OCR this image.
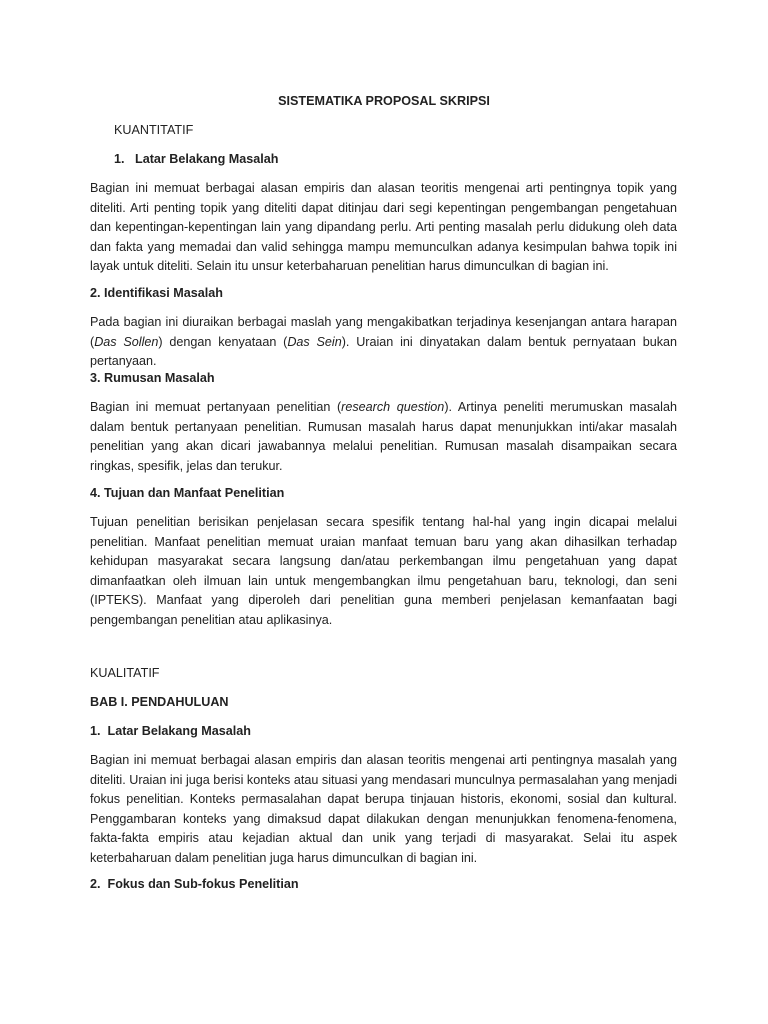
SISTEMATIKA PROPOSAL SKRIPSI

KUANTITATIF

1.   Latar Belakang Masalah

Bagian ini memuat berbagai alasan empiris dan alasan teoritis mengenai arti pentingnya topik yang diteliti. Arti penting topik yang diteliti dapat ditinjau dari segi kepentingan pengembangan pengetahuan dan kepentingan-kepentingan lain yang dipandang perlu. Arti penting masalah perlu didukung oleh data dan fakta yang memadai dan valid sehingga mampu memunculkan adanya kesimpulan bahwa topik ini layak untuk diteliti. Selain itu unsur keterbaharuan penelitian harus dimunculkan di bagian ini.

2. Identifikasi Masalah

Pada bagian ini diuraikan berbagai maslah yang mengakibatkan terjadinya kesenjangan antara harapan (Das Sollen) dengan kenyataan (Das Sein). Uraian ini dinyatakan dalam bentuk pernyataan bukan pertanyaan.

3. Rumusan Masalah

Bagian ini memuat pertanyaan penelitian (research question). Artinya peneliti merumuskan masalah dalam bentuk pertanyaan penelitian. Rumusan masalah harus dapat menunjukkan inti/akar masalah penelitian yang akan dicari jawabannya melalui penelitian. Rumusan masalah disampaikan secara ringkas, spesifik, jelas dan terukur.

4. Tujuan dan Manfaat Penelitian

Tujuan penelitian berisikan penjelasan secara spesifik tentang hal-hal yang ingin dicapai melalui penelitian. Manfaat penelitian memuat uraian manfaat temuan baru yang akan dihasilkan terhadap kehidupan masyarakat secara langsung dan/atau perkembangan ilmu pengetahuan yang dapat dimanfaatkan oleh ilmuan lain untuk mengembangkan ilmu pengetahuan baru, teknologi, dan seni (IPTEKS). Manfaat yang diperoleh dari penelitian guna memberi penjelasan kemanfaatan bagi pengembangan penelitian atau aplikasinya.

KUALITATIF

BAB I. PENDAHULUAN

1.  Latar Belakang Masalah

Bagian ini memuat berbagai alasan empiris dan alasan teoritis mengenai arti pentingnya masalah yang diteliti. Uraian ini juga berisi konteks atau situasi yang mendasari munculnya permasalahan yang menjadi fokus penelitian. Konteks permasalahan dapat berupa tinjauan historis, ekonomi, sosial dan kultural. Penggambaran konteks yang dimaksud dapat dilakukan dengan menunjukkan fenomena-fenomena, fakta-fakta empiris atau kejadian aktual dan unik yang terjadi di masyarakat. Selai itu aspek keterbaharuan dalam penelitian juga harus dimunculkan di bagian ini.

2.  Fokus dan Sub-fokus Penelitian
